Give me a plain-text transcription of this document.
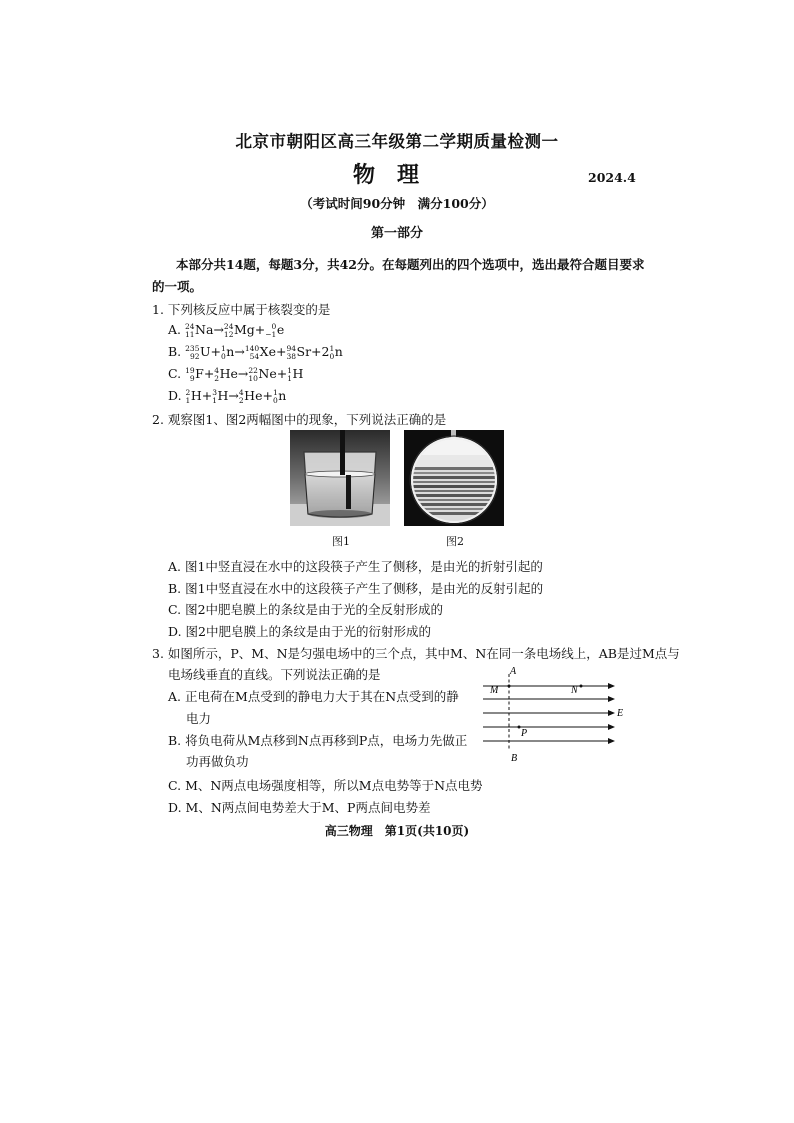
北京市朝阳区高三年级第二学期质量检测一
物理	2024.4
（考试时间90分钟　满分100分）
第一部分
本部分共14题，每题3分，共42分。在每题列出的四个选项中，选出最符合题目要求
的一项。
1. 下列核反应中属于核裂变的是
A. 24
11 Na→ 24
12 Mg+ 0
−1 e
B. 235
92 U+ 1
0 n→ 140
54 Xe+ 94
38 Sr+2 1
0 n
C. 19
9 F+ 4
2 He→ 22
10 Ne+ 1
1 H
D. 2
1 H+ 3
1 H→ 4
2 He+ 1
0 n
2. 观察图1、图2两幅图中的现象，下列说法正确的是
图1	图2
A. 图1中竖直浸在水中的这段筷子产生了侧移，是由光的折射引起的
B. 图1中竖直浸在水中的这段筷子产生了侧移，是由光的反射引起的
C. 图2中肥皂膜上的条纹是由于光的全反射形成的
D. 图2中肥皂膜上的条纹是由于光的衍射形成的
3. 如图所示，P、M、N是匀强电场中的三个点，其中M、N在同一条电场线上，AB是过M点与
电场线垂直的直线。下列说法正确的是
A. 正电荷在M点受到的静电力大于其在N点受到的静
电力
B. 将负电荷从M点移到N点再移到P点，电场力先做正
功再做负功
C. M、N两点电场强度相等，所以M点电势等于N点电势
D. M、N两点间电势差大于M、P两点间电势差
A
B
M	N
P
E
高三物理　第1页(共10页)
